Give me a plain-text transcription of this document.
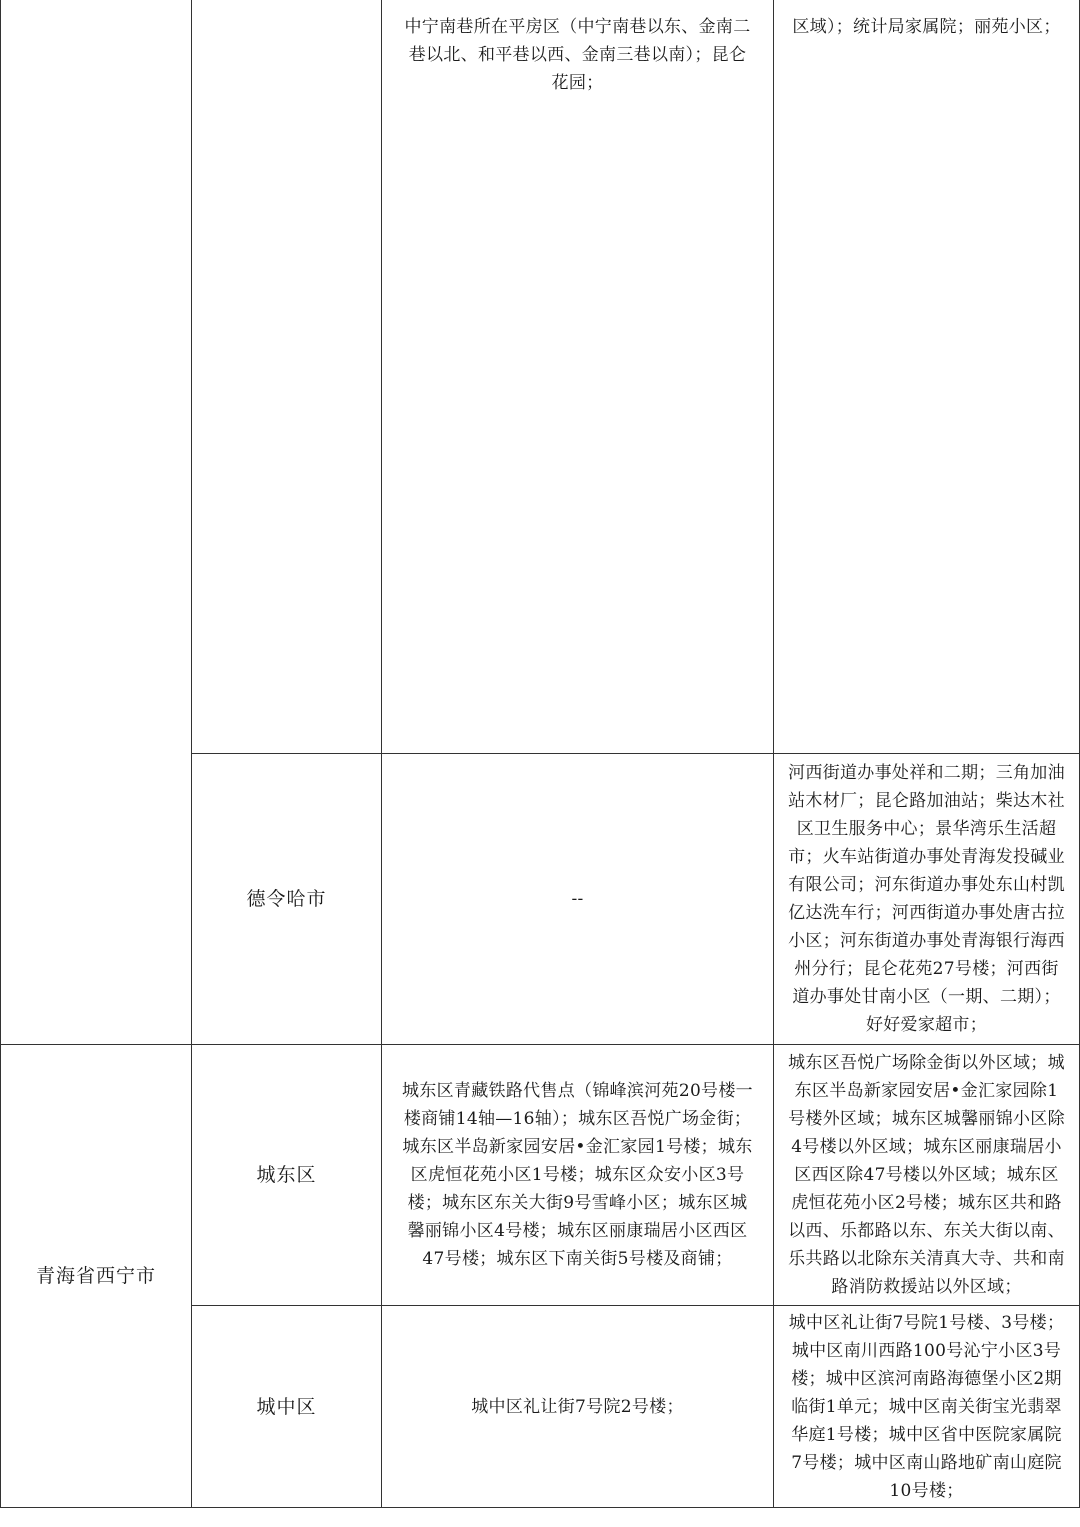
中宁南巷所在平房区（中宁南巷以东、金南二
巷以北、和平巷以西、金南三巷以南）；昆仑
花园；
区域）；统计局家属院；丽苑小区；
德令哈市	--
河西街道办事处祥和二期；三角加油
站木材厂；昆仑路加油站；柴达木社
区卫生服务中心；景华湾乐生活超
市；火车站街道办事处青海发投碱业
有限公司；河东街道办事处东山村凯
亿达洗车行；河西街道办事处唐古拉
小区；河东街道办事处青海银行海西
州分行；昆仑花苑27号楼；河西街
道办事处甘南小区（一期、二期）；
好好爱家超市；
青海省西宁市
城东区
城东区青藏铁路代售点（锦峰滨河苑20号楼一
楼商铺14轴—16轴）；城东区吾悦广场金街；
城东区半岛新家园安居•金汇家园1号楼；城东
区虎恒花苑小区1号楼；城东区众安小区3号
楼；城东区东关大街9号雪峰小区；城东区城
馨丽锦小区4号楼；城东区丽康瑞居小区西区
47号楼；城东区下南关街5号楼及商铺；
城东区吾悦广场除金街以外区域；城
东区半岛新家园安居•金汇家园除1
号楼外区域；城东区城馨丽锦小区除
4号楼以外区域；城东区丽康瑞居小
区西区除47号楼以外区域；城东区
虎恒花苑小区2号楼；城东区共和路
以西、乐都路以东、东关大街以南、
乐共路以北除东关清真大寺、共和南
路消防救援站以外区域；
城中区	城中区礼让街7号院2号楼；
城中区礼让街7号院1号楼、3号楼；
城中区南川西路100号沁宁小区3号
楼；城中区滨河南路海德堡小区2期
临街1单元；城中区南关街宝光翡翠
华庭1号楼；城中区省中医院家属院
7号楼；城中区南山路地矿南山庭院
10号楼；
